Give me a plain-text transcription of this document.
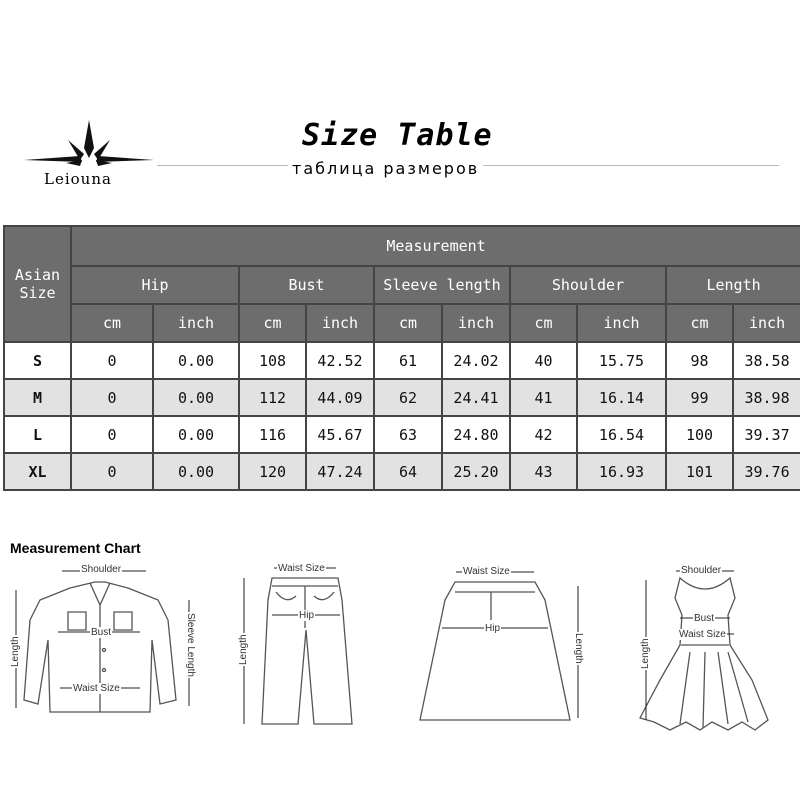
Leiouna
Size Table
таблица размеров
Asian Size	Measurement									
	Hip		Bust		Sleeve length		Shoulder		Length	
	cm	inch	cm	inch	cm	inch	cm	inch	cm	inch
S	0	0.00	108	42.52	61	24.02	40	15.75	98	38.58
M	0	0.00	112	44.09	62	24.41	41	16.14	99	38.98
L	0	0.00	116	45.67	63	24.80	42	16.54	100	39.37
XL	0	0.00	120	47.24	64	25.20	43	16.93	101	39.76
Measurement Chart
Shoulder
Bust
Waist Size
Length	Sleeve Length
Waist Size
Hip
Length
Waist Size
Hip
Length
Shoulder
Bust
Waist Size
Length
